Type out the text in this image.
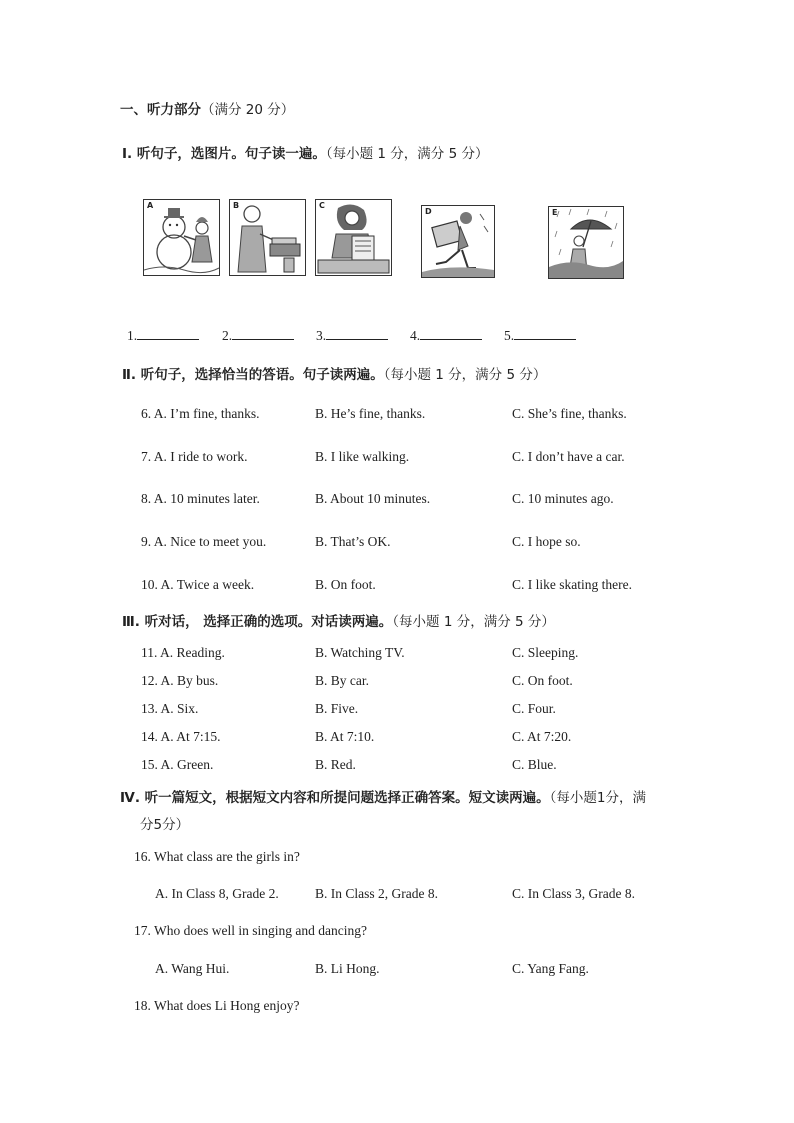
一、听力部分（满分 20 分）
Ⅰ. 听句子，选图片。句子读一遍。（每小题 1 分，满分 5 分）
A	B	C
D	E
1.	2.	3.	4.	5.
Ⅱ. 听句子，选择恰当的答语。句子读两遍。（每小题 1 分，满分 5 分）
6. A. I’m fine, thanks.	B. He’s fine, thanks.	C. She’s fine, thanks.
7. A. I ride to work.	B. I like walking.	C. I don’t have a car.
8. A. 10 minutes later.	B. About 10 minutes.	C. 10 minutes ago.
9. A. Nice to meet you.	B. That’s OK.	C. I hope so.
10. A. Twice a week.	B. On foot.	C. I like skating there.
Ⅲ. 听对话， 选择正确的选项。对话读两遍。（每小题 1 分，满分 5 分）
11. A. Reading.	B. Watching TV.	C. Sleeping.
12. A. By bus.	B. By car.	C. On foot.
13. A. Six.	B. Five.	C. Four.
14. A. At 7:15.	B. At 7:10.	C. At 7:20.
15. A. Green.	B. Red.	C. Blue.
Ⅳ. 听一篇短文，根据短文内容和所提问题选择正确答案。短文读两遍。（每小题1分，满
分5分）
16. What class are the girls in?
A. In Class 8, Grade 2.	B. In Class 2, Grade 8.	C. In Class 3, Grade 8.
17. Who does well in singing and dancing?
A. Wang Hui.	B. Li Hong.	C. Yang Fang.
18. What does Li Hong enjoy?
